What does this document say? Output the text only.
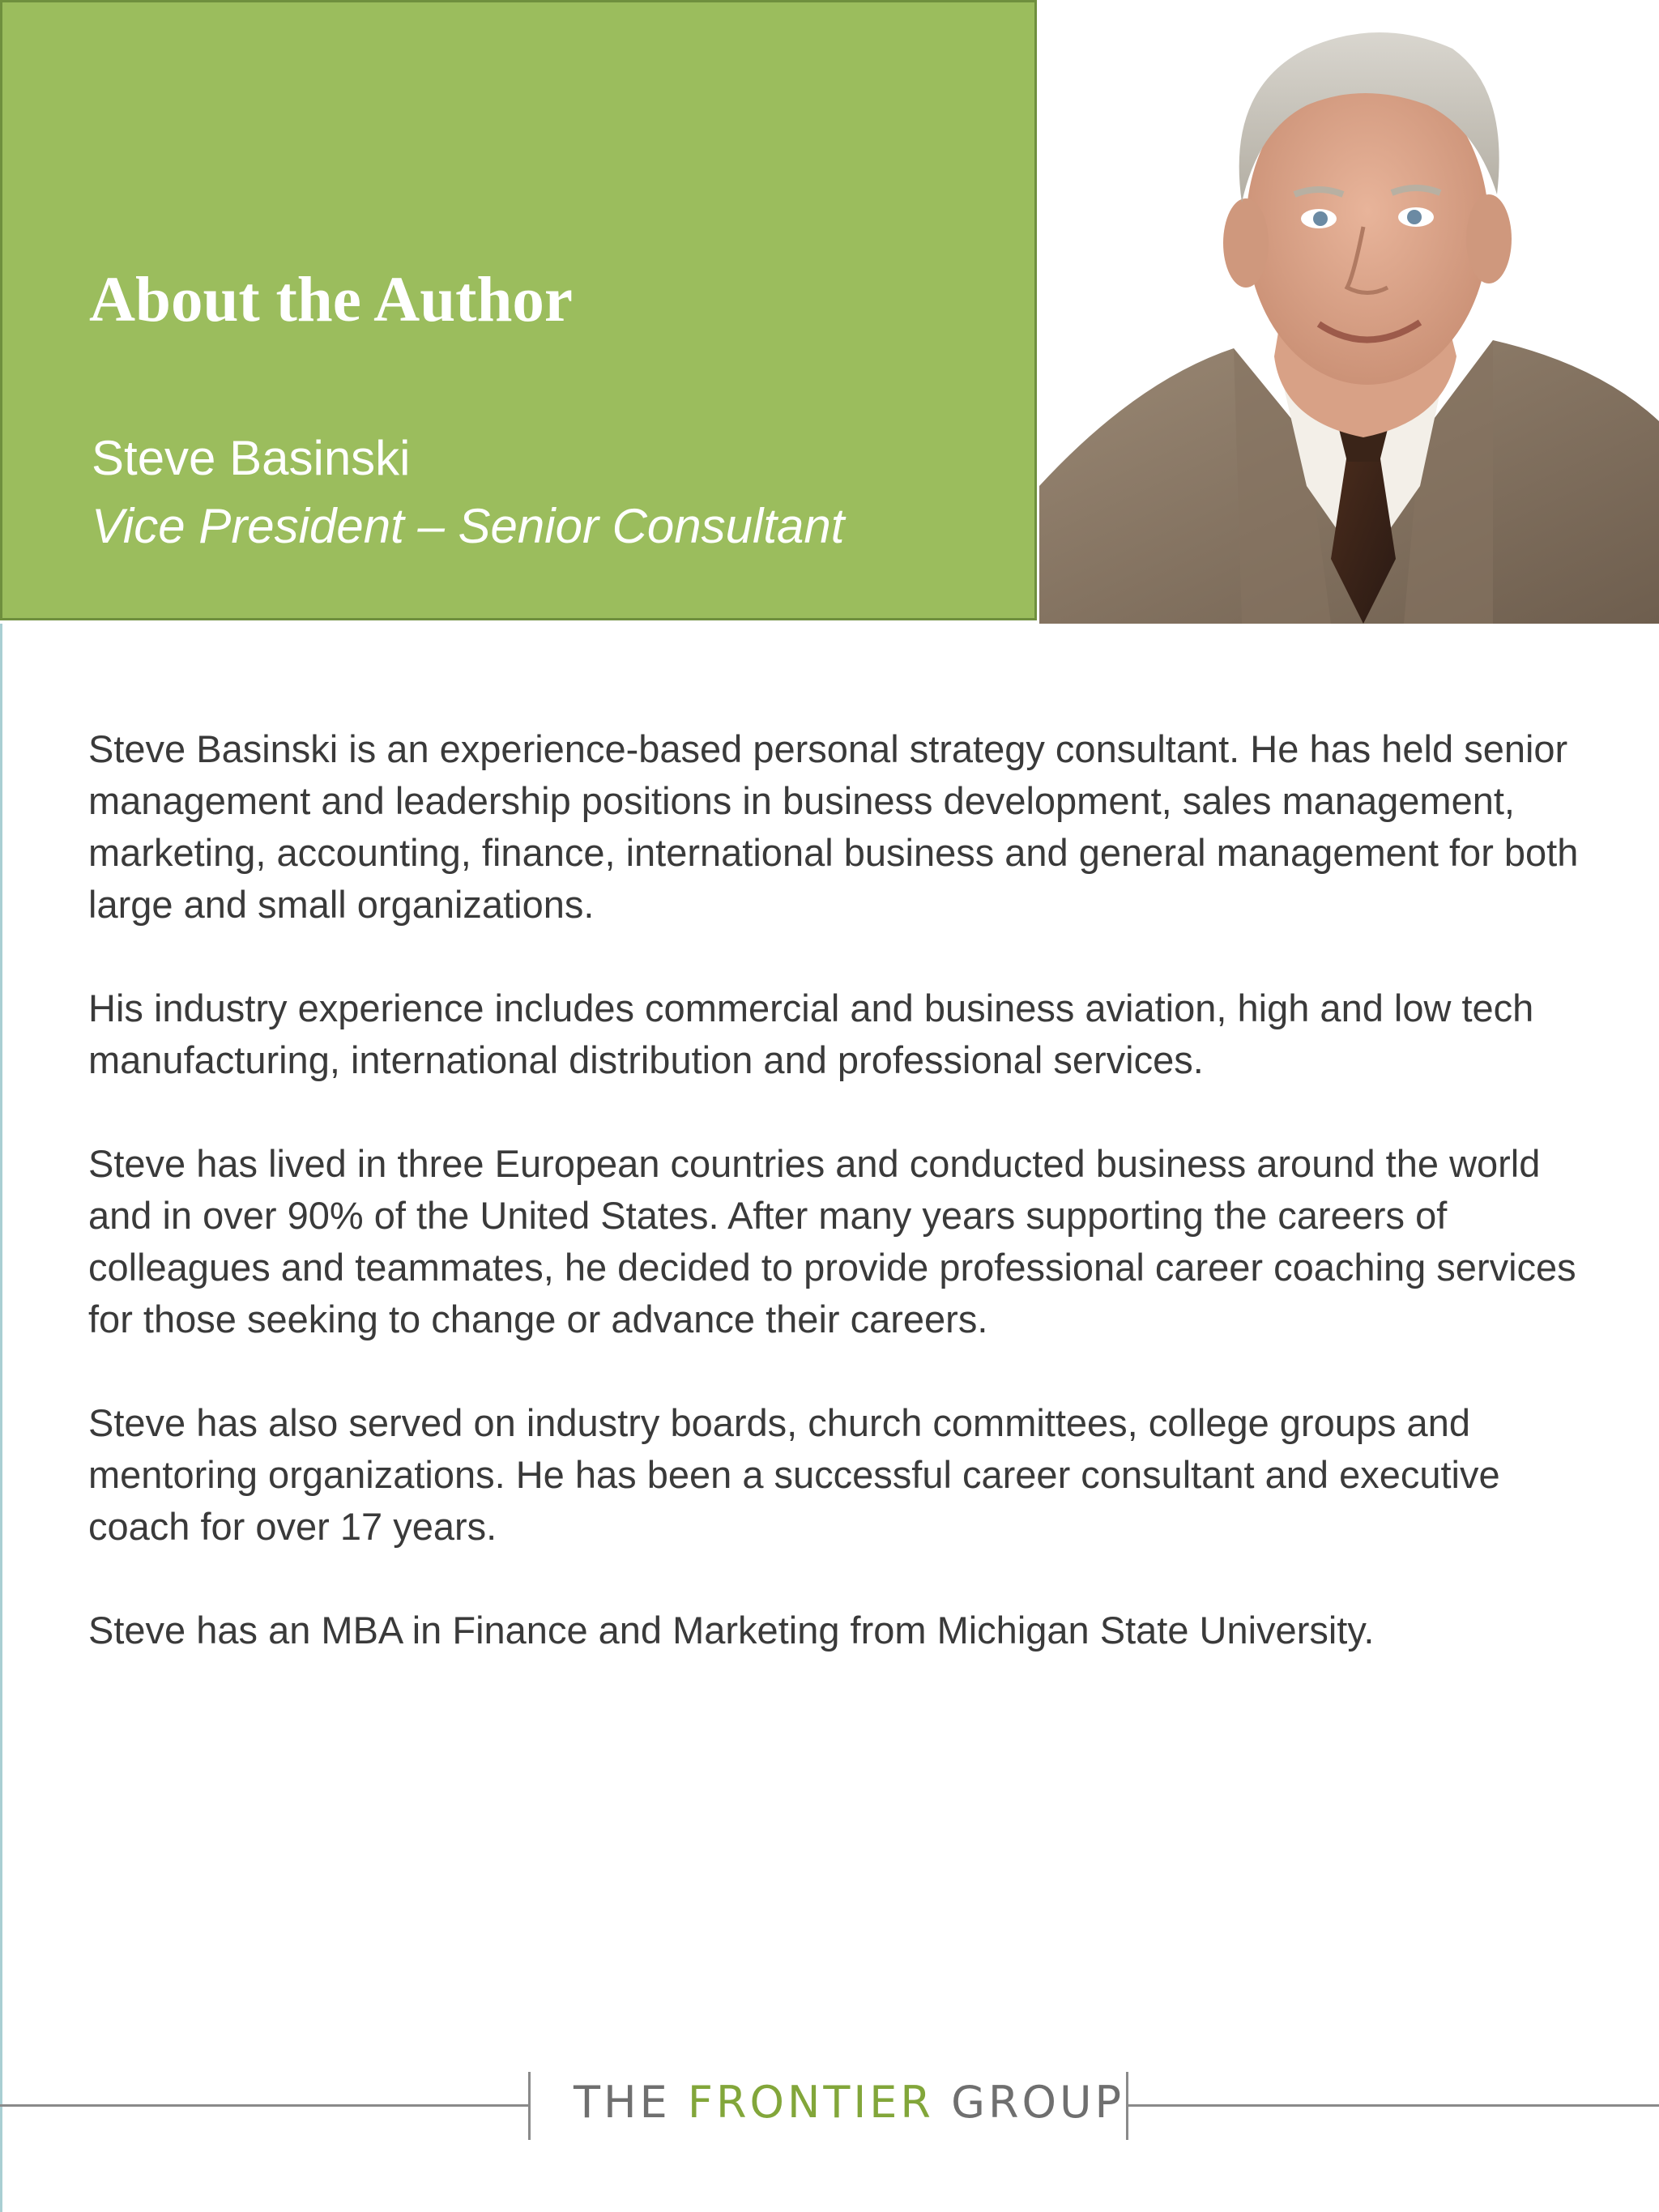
About the Author
Steve Basinski
Vice President – Senior Consultant

Steve Basinski is an experience-based personal strategy consultant. He has held senior management and leadership positions in business development, sales management, marketing, accounting, finance, international business and general management for both large and small organizations.

His industry experience includes commercial and business aviation, high and low tech manufacturing, international distribution and professional services.

Steve has lived in three European countries and conducted business around the world and in over 90% of the United States. After many years supporting the careers of colleagues and teammates, he decided to provide professional career coaching services for those seeking to change or advance their careers.

Steve has also served on industry boards, church committees, college groups and mentoring organizations. He has been a successful career consultant and executive coach for over 17 years.

Steve has an MBA in Finance and Marketing from Michigan State University.

THE FRONTIER GROUP
